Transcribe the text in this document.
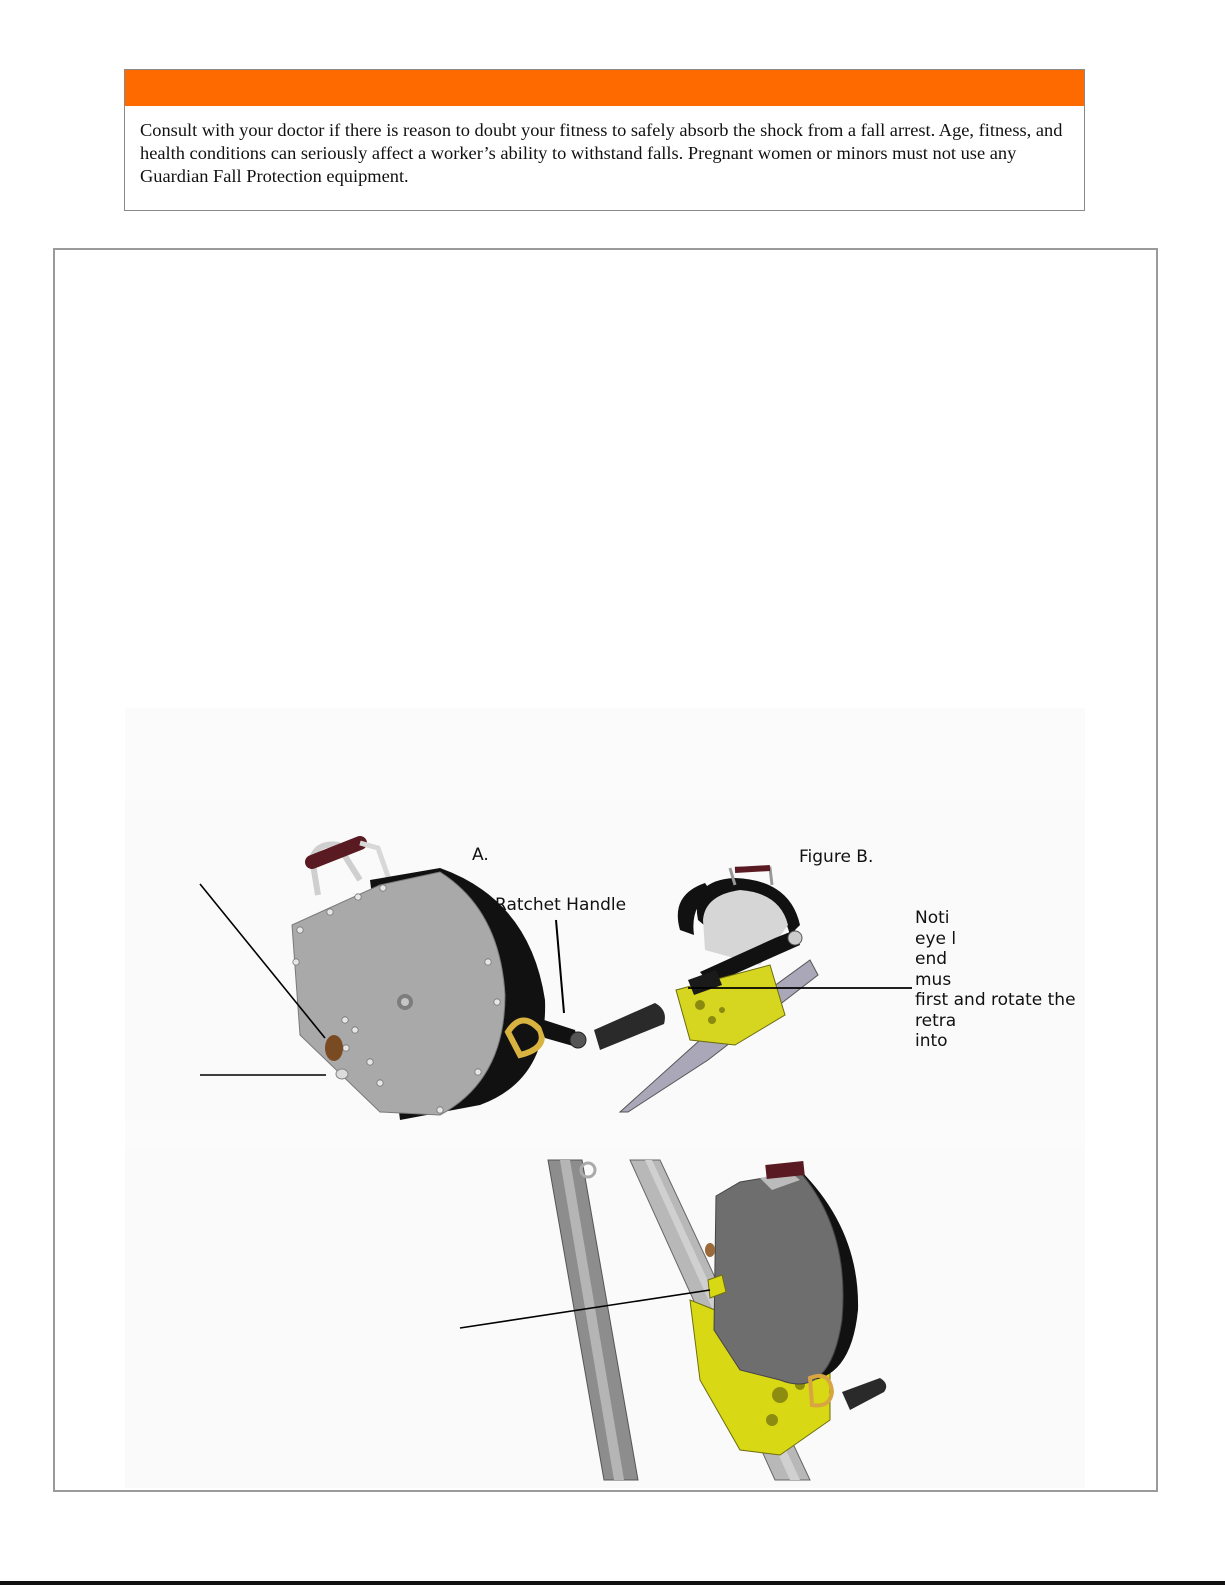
Consult with your doctor if there is reason to doubt your fitness to safely absorb the shock from a fall arrest. Age, fitness, and health conditions can seriously affect a worker’s ability to withstand falls. Pregnant women or minors must not use any Guardian Fall Protection equipment.
A.	Figure B.
Ratchet Handle
Noti
eye l
end
mus
first and rotate the
retra
into
